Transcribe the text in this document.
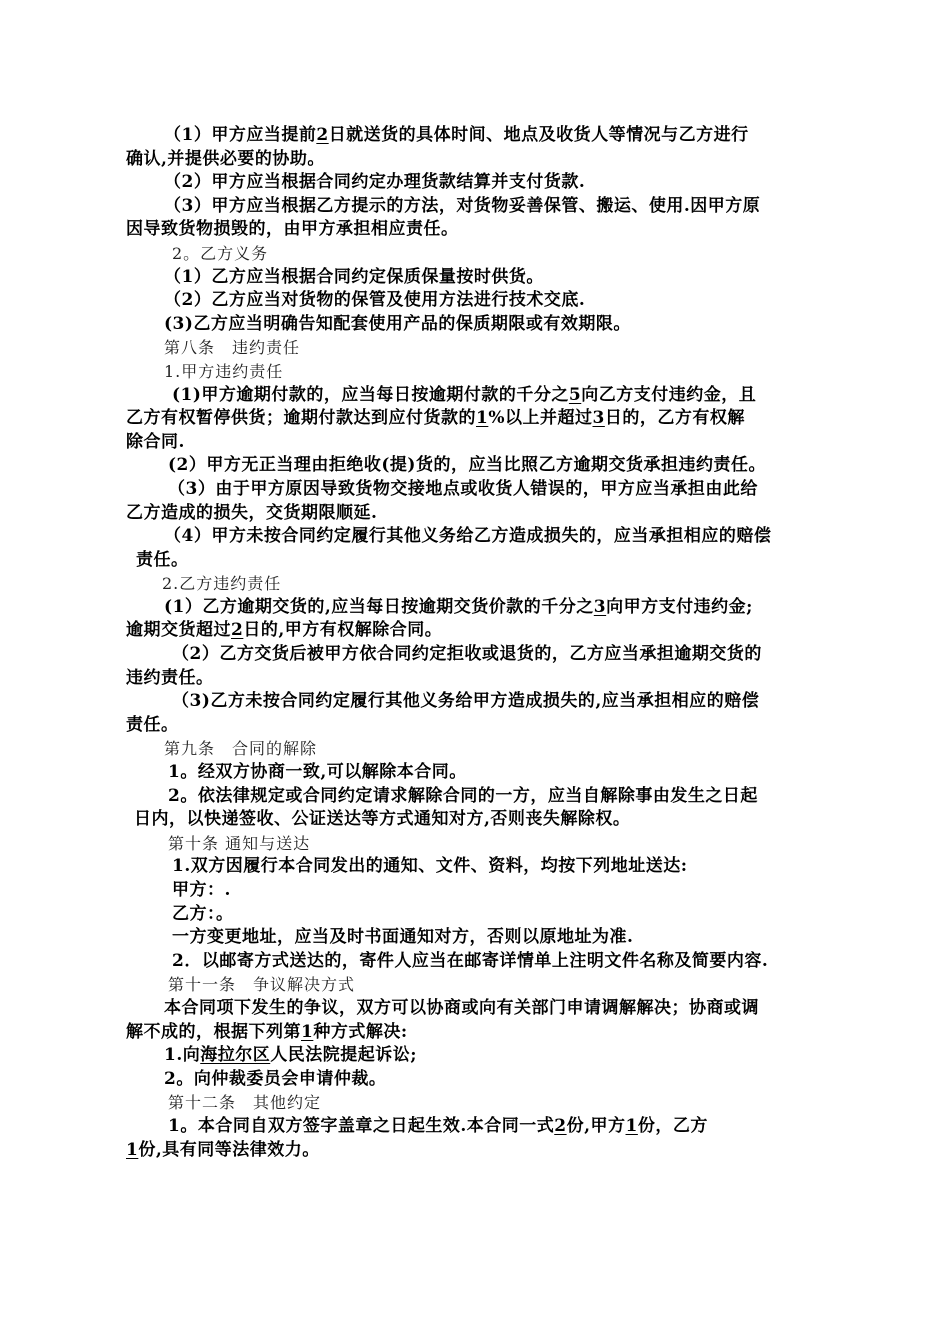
（1）甲方应当提前2日就送货的具体时间、地点及收货人等情况与乙方进行
确认,并提供必要的协助。
（2）甲方应当根据合同约定办理货款结算并支付货款.
（3）甲方应当根据乙方提示的方法，对货物妥善保管、搬运、使用.因甲方原
因导致货物损毁的，由甲方承担相应责任。
2。乙方义务
（1）乙方应当根据合同约定保质保量按时供货。
（2）乙方应当对货物的保管及使用方法进行技术交底.
(3)乙方应当明确告知配套使用产品的保质期限或有效期限。
第八条　违约责任
1.甲方违约责任
(1)甲方逾期付款的，应当每日按逾期付款的千分之5向乙方支付违约金，且
乙方有权暂停供货；逾期付款达到应付货款的1%以上并超过3日的，乙方有权解
除合同.
(2）甲方无正当理由拒绝收(提)货的，应当比照乙方逾期交货承担违约责任。
（3）由于甲方原因导致货物交接地点或收货人错误的，甲方应当承担由此给
乙方造成的损失，交货期限顺延.
（4）甲方未按合同约定履行其他义务给乙方造成损失的，应当承担相应的赔偿
责任。
2.乙方违约责任
(1）乙方逾期交货的,应当每日按逾期交货价款的千分之3向甲方支付违约金;
逾期交货超过2日的,甲方有权解除合同。
（2）乙方交货后被甲方依合同约定拒收或退货的，乙方应当承担逾期交货的
违约责任。
（3)乙方未按合同约定履行其他义务给甲方造成损失的,应当承担相应的赔偿
责任。
第九条　合同的解除
1。经双方协商一致,可以解除本合同。
2。依法律规定或合同约定请求解除合同的一方，应当自解除事由发生之日起
日内，以快递签收、公证送达等方式通知对方,否则丧失解除权。
第十条 通知与送达
1.双方因履行本合同发出的通知、文件、资料，均按下列地址送达:
甲方：.
乙方：。
一方变更地址，应当及时书面通知对方，否则以原地址为准.
2．以邮寄方式送达的，寄件人应当在邮寄详情单上注明文件名称及简要内容.
第十一条　争议解决方式
本合同项下发生的争议，双方可以协商或向有关部门申请调解解决；协商或调
解不成的，根据下列第1种方式解决:
1.向海拉尔区人民法院提起诉讼;
2。向仲裁委员会申请仲裁。
第十二条　其他约定
1。本合同自双方签字盖章之日起生效.本合同一式2份,甲方1份，乙方
1份,具有同等法律效力。
